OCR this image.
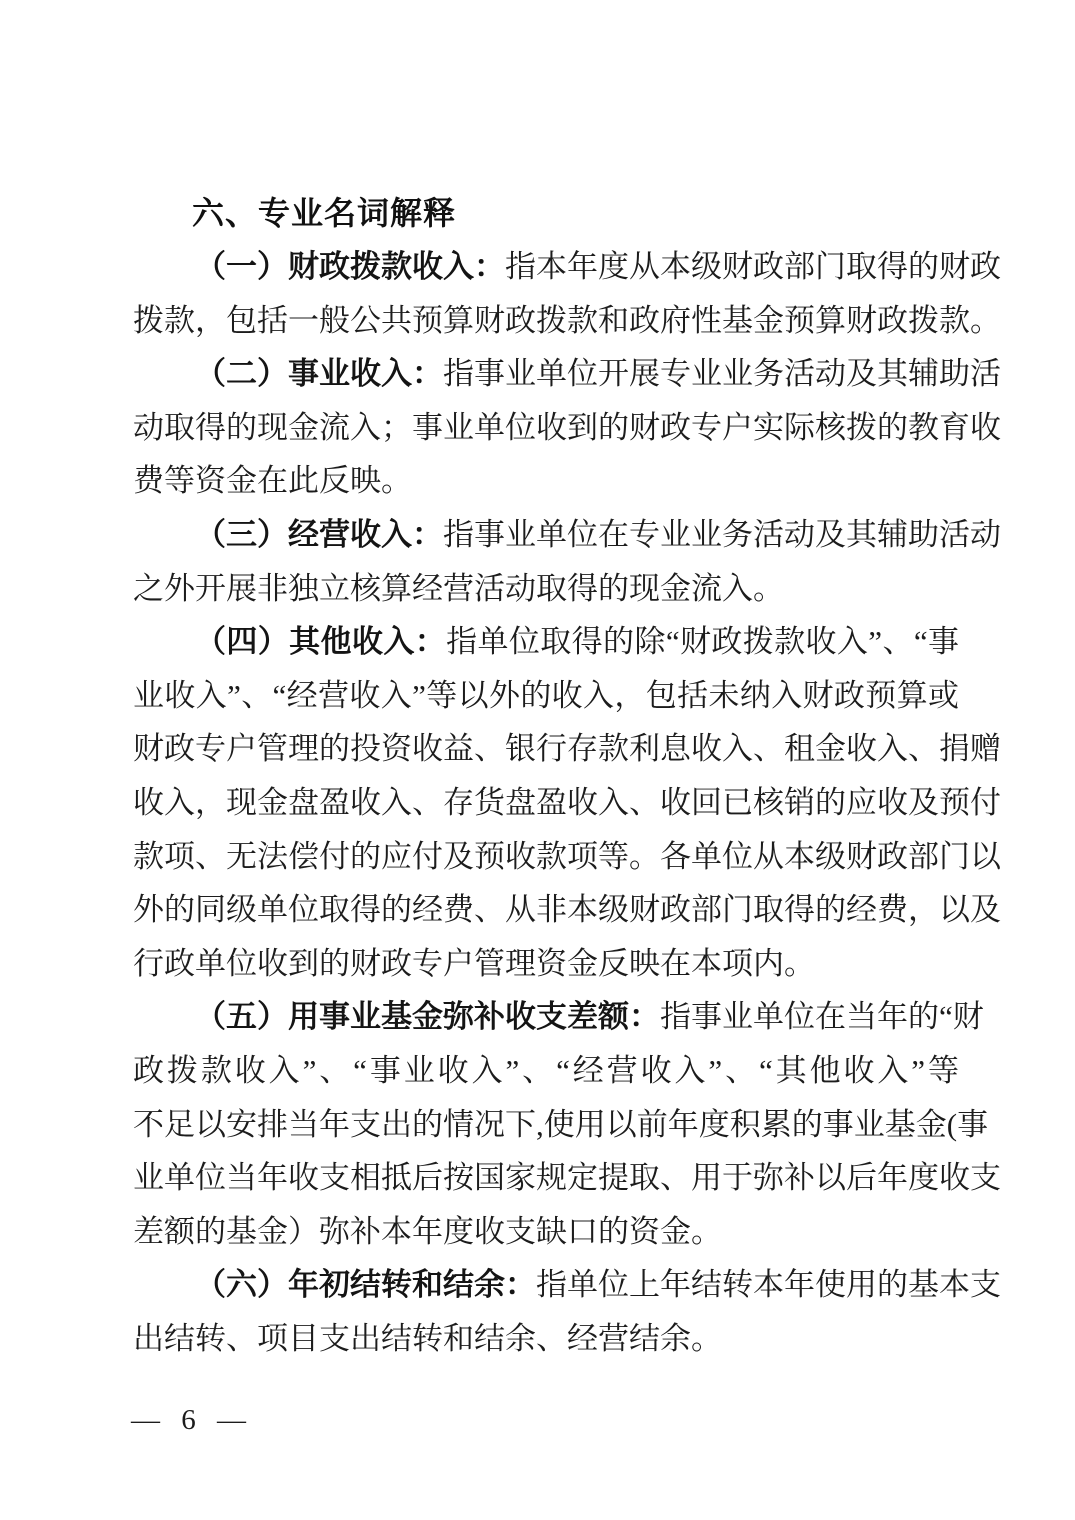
六、专业名词解释
（一）财政拨款收入：指本年度从本级财政部门取得的财政
拨款，包括一般公共预算财政拨款和政府性基金预算财政拨款。
（二）事业收入：指事业单位开展专业业务活动及其辅助活
动取得的现金流入；事业单位收到的财政专户实际核拨的教育收
费等资金在此反映。
（三）经营收入：指事业单位在专业业务活动及其辅助活动
之外开展非独立核算经营活动取得的现金流入。
（四）其他收入：指单位取得的除“财政拨款收入”、“事
业收入”、“经营收入”等以外的收入，包括未纳入财政预算或
财政专户管理的投资收益、银行存款利息收入、租金收入、捐赠
收入，现金盘盈收入、存货盘盈收入、收回已核销的应收及预付
款项、无法偿付的应付及预收款项等。各单位从本级财政部门以
外的同级单位取得的经费、从非本级财政部门取得的经费，以及
行政单位收到的财政专户管理资金反映在本项内。
（五）用事业基金弥补收支差额：指事业单位在当年的“财
政拨款收入”、“事业收入”、“经营收入”、“其他收入”等
不足以安排当年支出的情况下,使用以前年度积累的事业基金(事
业单位当年收支相抵后按国家规定提取、用于弥补以后年度收支
差额的基金）弥补本年度收支缺口的资金。
（六）年初结转和结余：指单位上年结转本年使用的基本支
出结转、项目支出结转和结余、经营结余。
— 6 —
